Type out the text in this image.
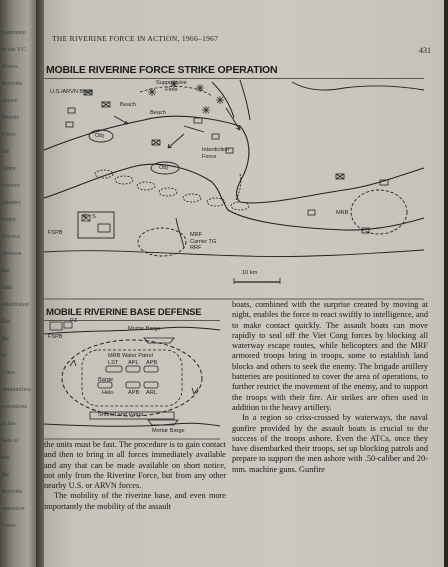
Statement
to the V.C.
Rivers
Riverine
shown
Mobile
Force
the
Army
Service
infantry
Army
Service
division
the
land
established
Bat
the
to
Class
ammunition
operations
in the
lack of
the
the
Riverine
operation
Force
THE RIVERINE FORCE IN ACTION, 1966–1967
431
MOBILE RIVERINE FORCE STRIKE OPERATION
U.S./ARVN Block
Suppressive
Fires
Beach
Beach
Obj
Obj
Interdiction
Force
R · S
FSPB	MRF
Carrier TG
RRF
MRB
10 km
MOBILE RIVERINE BASE DEFENSE
FSPB
PZ
Mortar Barge
MRB Water Patrol
LST APL APB
Barge
Helo	APB ARL
Shore/Land Patrol
Mortar Barge

boats, combined with the surprise created by moving at night, enables the force to react swiftly to intelligence, and to make contact quickly. The assault boats can move rapidly to seal off the Viet Cong forces by blocking all waterway escape routes, while helicopters and the MRF armored troops bring in troops, some to establish land blocks and others to seek the enemy. The brigade artillery batteries are positioned to cover the area of operations, to further restrict the movement of the enemy, and to support the troops with their fire. Air strikes are often used in addition to the heavy artillery.

In a region so criss-crossed by waterways, the naval gunfire provided by the assault boats is crucial to the success of the troops ashore. Even the ATCs, once they have disembarked their troops, set up blocking patrols and prepare to support the men ashore with .50-caliber and 20-mm. machine guns. Gunfire

the units must be fast. The procedure is to gain contact and then to bring in all forces immediately available and any that can be made available on short notice, not only from the Riverine Force, but from any other nearby U.S. or ARVN forces.

The mobility of the riverine base, and even more importantly the mobility of the assault
